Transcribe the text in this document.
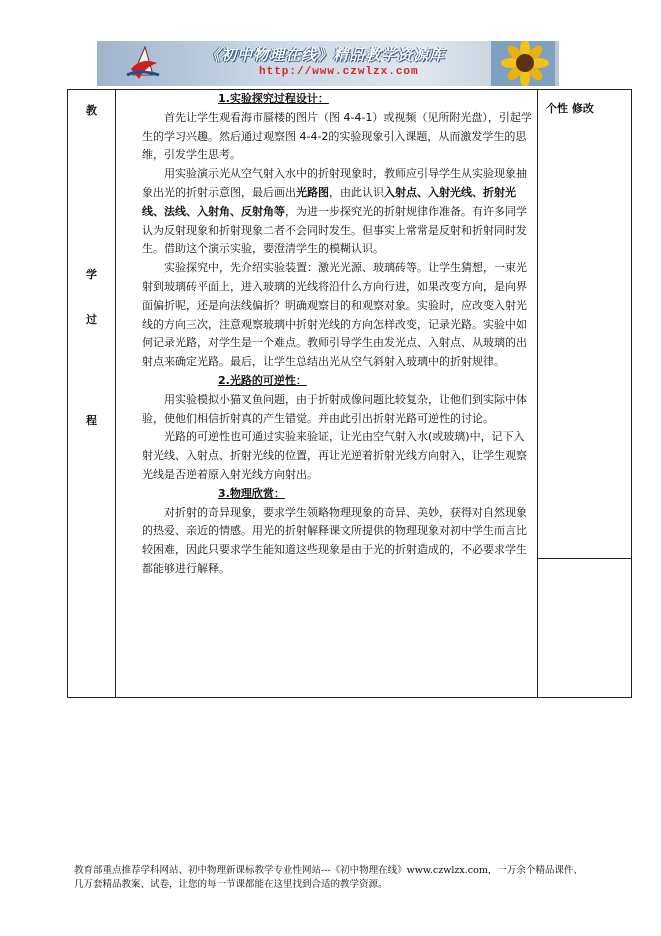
《初中物理在线》精品教学资源库
http://www.czwlzx.com
教
学
过
程
个性 修改

1.实验探究过程设计：

首先让学生观看海市蜃楼的图片（图 4-4-1）或视频（见所附光盘），引起学生的学习兴趣。然后通过观察图 4-4-2的实验现象引入课题，从而激发学生的思维，引发学生思考。

用实验演示光从空气射入水中的折射现象时，教师应引导学生从实验现象抽象出光的折射示意图，最后画出光路图，由此认识入射点、入射光线、折射光线、法线、入射角、反射角等，为进一步探究光的折射规律作准备。有许多同学认为反射现象和折射现象二者不会同时发生。但事实上常常是反射和折射同时发生。借助这个演示实验，要澄清学生的模糊认识。

实验探究中，先介绍实验装置：激光光源、玻璃砖等。让学生猜想，一束光射到玻璃砖平面上，进入玻璃的光线将沿什么方向行进，如果改变方向，是向界面偏折呢，还是向法线偏折？明确观察目的和观察对象。实验时，应改变入射光线的方向三次，注意观察玻璃中折射光线的方向怎样改变，记录光路。实验中如何记录光路，对学生是一个难点。教师引导学生由发光点、入射点、从玻璃的出射点来确定光路。最后，让学生总结出光从空气斜射入玻璃中的折射规律。

2.光路的可逆性：

用实验模拟小猫叉鱼问题，由于折射成像问题比较复杂，让他们到实际中体验，使他们相信折射真的产生错觉。并由此引出折射光路可逆性的讨论。

光路的可逆性也可通过实验来验证，让光由空气射入水(或玻璃)中，记下入射光线、入射点、折射光线的位置，再让光逆着折射光线方向射入，让学生观察光线是否逆着原入射光线方向射出。

3.物理欣赏：

对折射的奇异现象，要求学生领略物理现象的奇异、美妙，获得对自然现象的热爱、亲近的情感。用光的折射解释课文所提供的物理现象对初中学生而言比较困难，因此只要求学生能知道这些现象是由于光的折射造成的，不必要求学生都能够进行解释。

教育部重点推荐学科网站、初中物理新课标教学专业性网站---《初中物理在线》www.czwlzx.com，一万余个精品课件、
几万套精品教案、试卷，让您的每一节课都能在这里找到合适的教学资源。
